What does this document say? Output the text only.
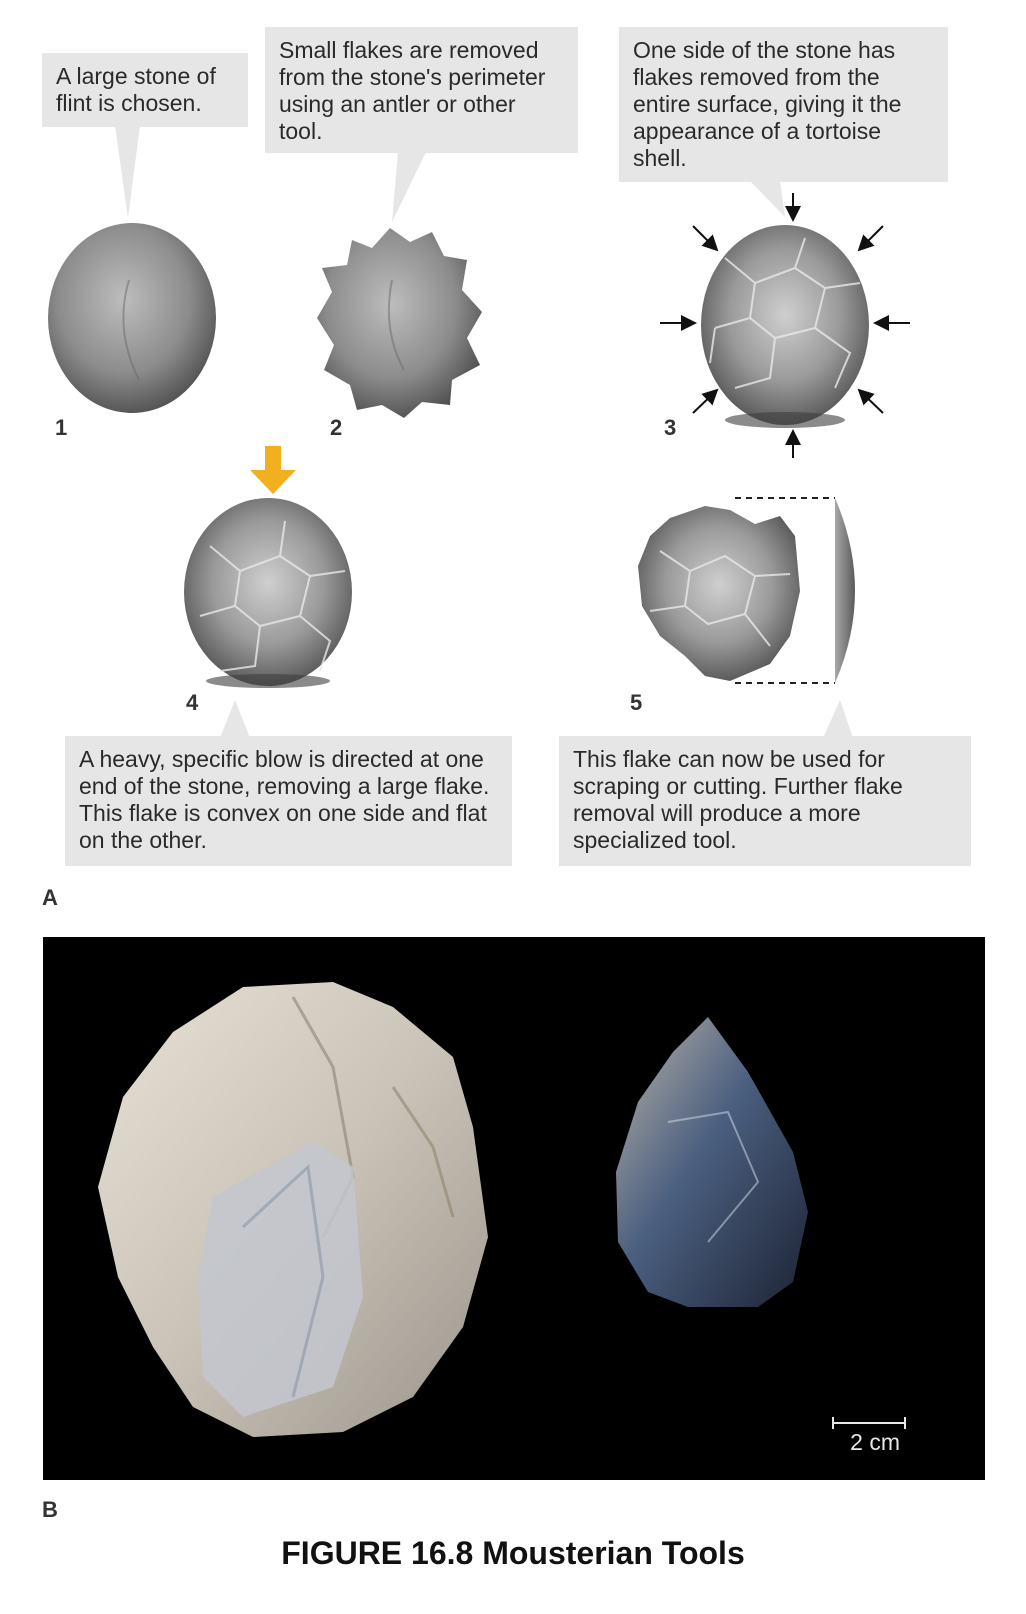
A large stone of flint is chosen.
Small flakes are removed from the stone's perimeter using an antler or other tool.
One side of the stone has flakes removed from the entire surface, giving it the appearance of a tortoise shell.
1	2	3
4	5
A heavy, specific blow is directed at one end of the stone, removing a large flake. This flake is convex on one side and flat on the other.
This flake can now be used for scraping or cutting. Further flake removal will produce a more specialized tool.
A
2 cm
B
FIGURE 16.8 Mousterian Tools
